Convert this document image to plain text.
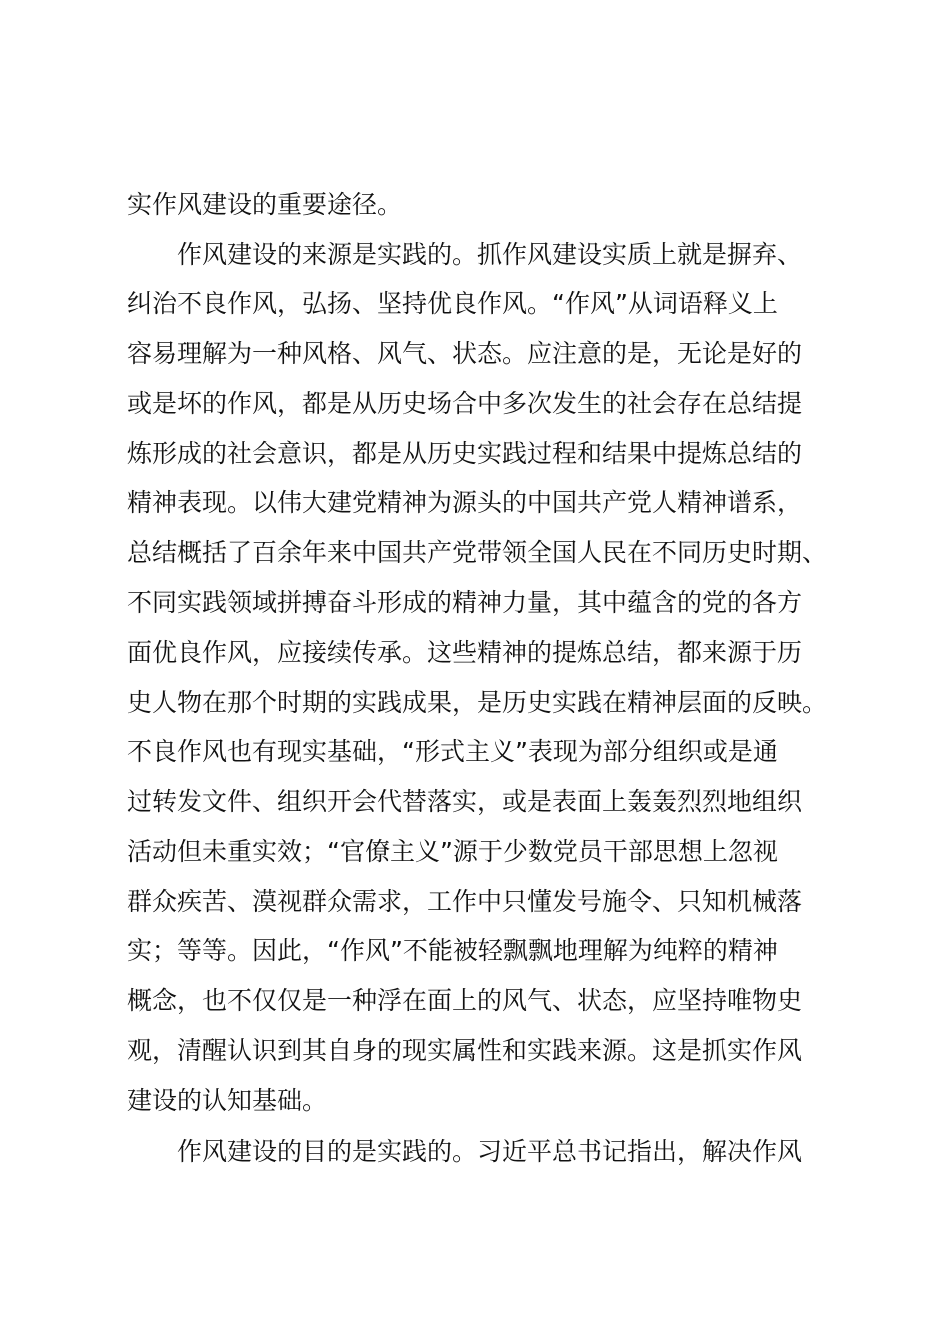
实作风建设的重要途径。
作风建设的来源是实践的。抓作风建设实质上就是摒弃、
纠治不良作风，弘扬、坚持优良作风。“作风”从词语释义上
容易理解为一种风格、风气、状态。应注意的是，无论是好的
或是坏的作风，都是从历史场合中多次发生的社会存在总结提
炼形成的社会意识，都是从历史实践过程和结果中提炼总结的
精神表现。以伟大建党精神为源头的中国共产党人精神谱系，
总结概括了百余年来中国共产党带领全国人民在不同历史时期、
不同实践领域拼搏奋斗形成的精神力量，其中蕴含的党的各方
面优良作风，应接续传承。这些精神的提炼总结，都来源于历
史人物在那个时期的实践成果，是历史实践在精神层面的反映。
不良作风也有现实基础，“形式主义”表现为部分组织或是通
过转发文件、组织开会代替落实，或是表面上轰轰烈烈地组织
活动但未重实效；“官僚主义”源于少数党员干部思想上忽视
群众疾苦、漠视群众需求，工作中只懂发号施令、只知机械落
实；等等。因此，“作风”不能被轻飘飘地理解为纯粹的精神
概念，也不仅仅是一种浮在面上的风气、状态，应坚持唯物史
观，清醒认识到其自身的现实属性和实践来源。这是抓实作风
建设的认知基础。
作风建设的目的是实践的。习近平总书记指出，解决作风
